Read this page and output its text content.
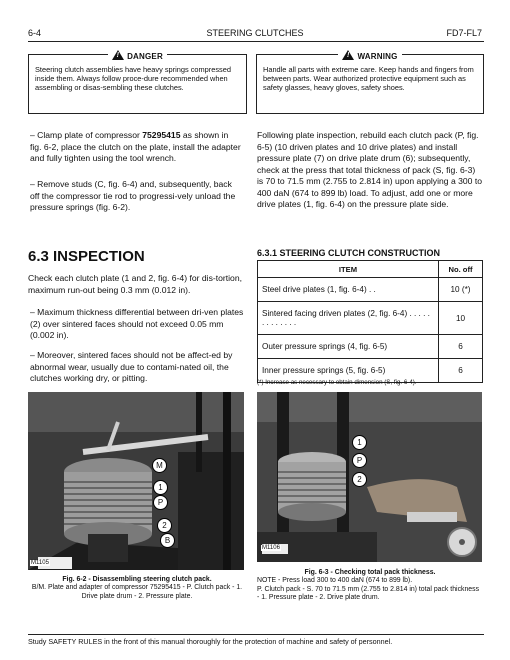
6-4	STEERING CLUTCHES	FD7-FL7
!DANGER
Steering clutch assemblies have heavy springs compressed inside them. Always follow proce-dure recommended when assembling or disas-sembling these clutches.
!WARNING
Handle all parts with extreme care. Keep hands and fingers from between parts. Wear authorized protective equipment such as safety glasses, heavy gloves, safety shoes.
– Clamp plate of compressor 75295415 as shown in fig. 6-2, place the clutch on the plate, install the adapter and fully tighten using the tool wrench.
– Remove studs (C, fig. 6-4) and, subsequently, back off the compressor tie rod to progressi-vely unload the pressure springs (fig. 6-2).
Following plate inspection, rebuild each clutch pack (P, fig. 6-5) (10 driven plates and 10 drive plates) and install pressure plate (7) on drive plate drum (6); subsequently, check at the press that total thickness of pack (S, fig. 6-3) is 70 to 71.5 mm (2.755 to 2.814 in) upon applying a 300 to 400 daN (674 to 899 lb) load. To adjust, add one or more drive plates (1, fig. 6-4) on the pressure plate side.
6.3 INSPECTION
Check each clutch plate (1 and 2, fig. 6-4) for dis-tortion, maximum run-out being 0.3 mm (0.012 in).
– Maximum thickness differential between dri-ven plates (2) over sintered faces should not exceed 0.05 mm (0.002 in).
– Moreover, sintered faces should not be affect-ed by abnormal wear, usually due to contami-nated oil, the clutches working dry, or pitting.
6.3.1 STEERING CLUTCH CONSTRUCTION
ITEM	No. off
Steel drive plates (1, fig. 6-4) . .	10 (*)
Sintered facing driven plates (2, fig. 6-4) . . . . . . . . . . . . .	10
Outer pressure springs (4, fig. 6-5)	6
Inner pressure springs (5, fig. 6-5)	6
(*) Increase as necessary to obtain dimension (S, fig. 6-4).
M1105
M
1
P
2
B
M1106
1
P
2
Fig. 6-2 - Disassembling steering clutch pack.
B/M. Plate and adapter of compressor 75295415 - P. Clutch pack - 1. Drive plate drum - 2. Pressure plate.
Fig. 6-3 - Checking total pack thickness.
NOTE - Press load 300 to 400 daN (674 to 899 lb).
P. Clutch pack - S. 70 to 71.5 mm (2.755 to 2.814 in) total pack thickness - 1. Pressure plate - 2. Drive plate drum.
Study SAFETY RULES in the front of this manual thoroughly for the protection of machine and safety of personnel.
